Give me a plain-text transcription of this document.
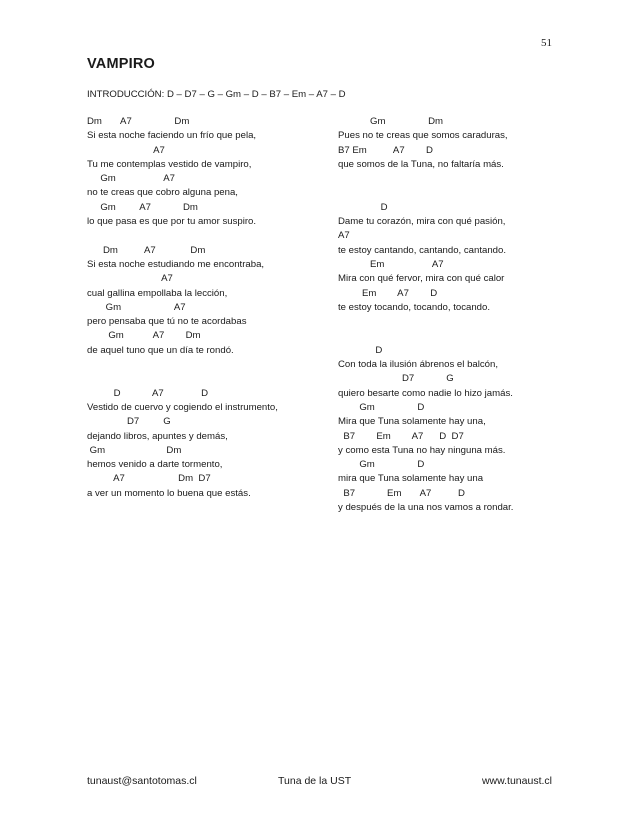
51
VAMPIRO
INTRODUCCIÓN: D – D7 – G – Gm – D – B7 – Em – A7 – D
Dm       A7                Dm
Si esta noche faciendo un frío que pela,
A7
Tu me contemplas vestido de vampiro,
Gm                  A7
no te creas que cobro alguna pena,
Gm         A7            Dm
lo que pasa es que por tu amor suspiro.
Dm          A7             Dm
Si esta noche estudiando me encontraba,
A7
cual gallina empollaba la lección,
Gm                    A7
pero pensaba que tú no te acordabas
Gm           A7        Dm
de aquel tuno que un día te rondó.
D            A7              D
Vestido de cuervo y cogiendo el instrumento,
D7         G
dejando libros, apuntes y demás,
Gm                       Dm
hemos venido a darte tormento,
A7                    Dm  D7
a ver un momento lo buena que estás.
Gm                Dm
Pues no te creas que somos caraduras,
B7 Em          A7        D
que somos de la Tuna, no faltaría más.
D
Dame tu corazón, mira con qué pasión,
A7
te estoy cantando, cantando, cantando.
Em                  A7
Mira con qué fervor, mira con qué calor
Em        A7        D
te estoy tocando, tocando, tocando.
D
Con toda la ilusión ábrenos el balcón,
D7            G
quiero besarte como nadie lo hizo jamás.
Gm                D
Mira que Tuna solamente hay una,
B7        Em        A7      D  D7
y como esta Tuna no hay ninguna más.
Gm                D
mira que Tuna solamente hay una
B7            Em       A7          D
y después de la una nos vamos a rondar.
tunaust@santotomas.cl	Tuna de la UST	www.tunaust.cl
